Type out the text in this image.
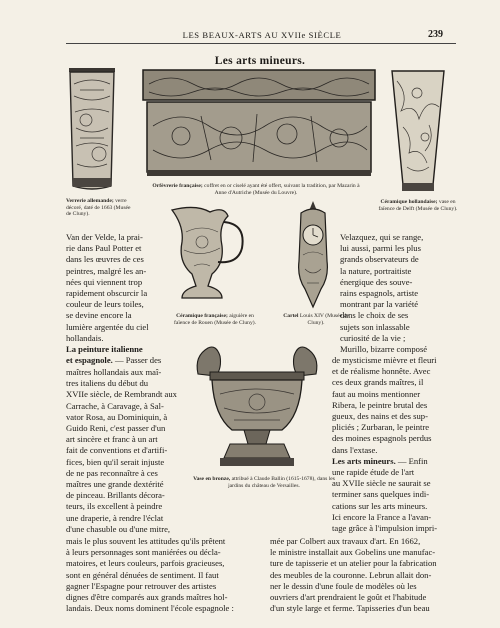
LES BEAUX-ARTS AU XVIIe SIÈCLE	239
Les arts mineurs.
Verrerie allemande; verre décoré, daté de 1663 (Musée de Cluny).
Orfèvrerie française; coffret en or ciselé ayant été offert, suivant la tradition, par Mazarin à Anne d'Autriche (Musée du Louvre).
Céramique hollandaise; vase en faïence de Delft (Musée de Cluny).
Céramique française; aiguière en faïence de Rouen (Musée de Cluny).
Cartel Louis XIV (Musée de Cluny).
Vase en bronze, attribué à Claude Ballin (1615-1678), dans les jardins du château de Versailles.
Van der Velde, la prai-
rie dans Paul Potter et
dans les œuvres de ces
peintres, malgré les an-
nées qui viennent trop
rapidement obscurcir la
couleur de leurs toiles,
se devine encore la
lumière argentée du ciel
hollandais.
La peinture italienne
et espagnole. — Passer des
maîtres hollandais aux maî-
tres italiens du début du
XVIIe siècle, de Rembrandt aux
Carrache, à Caravage, à Sal-
vator Rosa, au Dominiquin, à
Guido Reni, c'est passer d'un
art sincère et franc à un art
fait de conventions et d'artifi-
fices, bien qu'il serait injuste
de ne pas reconnaître à ces
maîtres une grande dextérité
de pinceau. Brillants décora-
teurs, ils excellent à peindre
une draperie, à rendre l'éclat
d'une chasuble ou d'une mitre,
mais le plus souvent les attitudes qu'ils prêtent
à leurs personnages sont maniérées ou décla-
matoires, et leurs couleurs, parfois gracieuses,
sont en général dénuées de sentiment. Il faut
gagner l'Espagne pour retrouver des artistes
dignes d'être comparés aux grands maîtres hol-
landais. Deux noms dominent l'école espagnole :
Velazquez, qui se range,
lui aussi, parmi les plus
grands observateurs de
la nature, portraitiste
énergique des souve-
rains espagnols, artiste
montrant par la variété
dans le choix de ses
sujets son inlassable
curiosité de la vie ;
Murillo, bizarre composé
de mysticisme mièvre et fleuri
et de réalisme honnête. Avec
ces deux grands maîtres, il
faut au moins mentionner
Ribera, le peintre brutal des
gueux, des nains et des sup-
pliciés ; Zurbaran, le peintre
des moines espagnols perdus
dans l'extase.
Les arts mineurs. — Enfin
une rapide étude de l'art
au XVIIe siècle ne saurait se
terminer sans quelques indi-
cations sur les arts mineurs.
Ici encore la France a l'avan-
tage grâce à l'impulsion impri-
mée par Colbert aux travaux d'art. En 1662,
le ministre installait aux Gobelins une manufac-
ture de tapisserie et un atelier pour la fabrication
des meubles de la couronne. Lebrun allait don-
ner le dessin d'une foule de modèles où les
ouvriers d'art prendraient le goût et l'habitude
d'un style large et ferme. Tapisseries d'un beau
